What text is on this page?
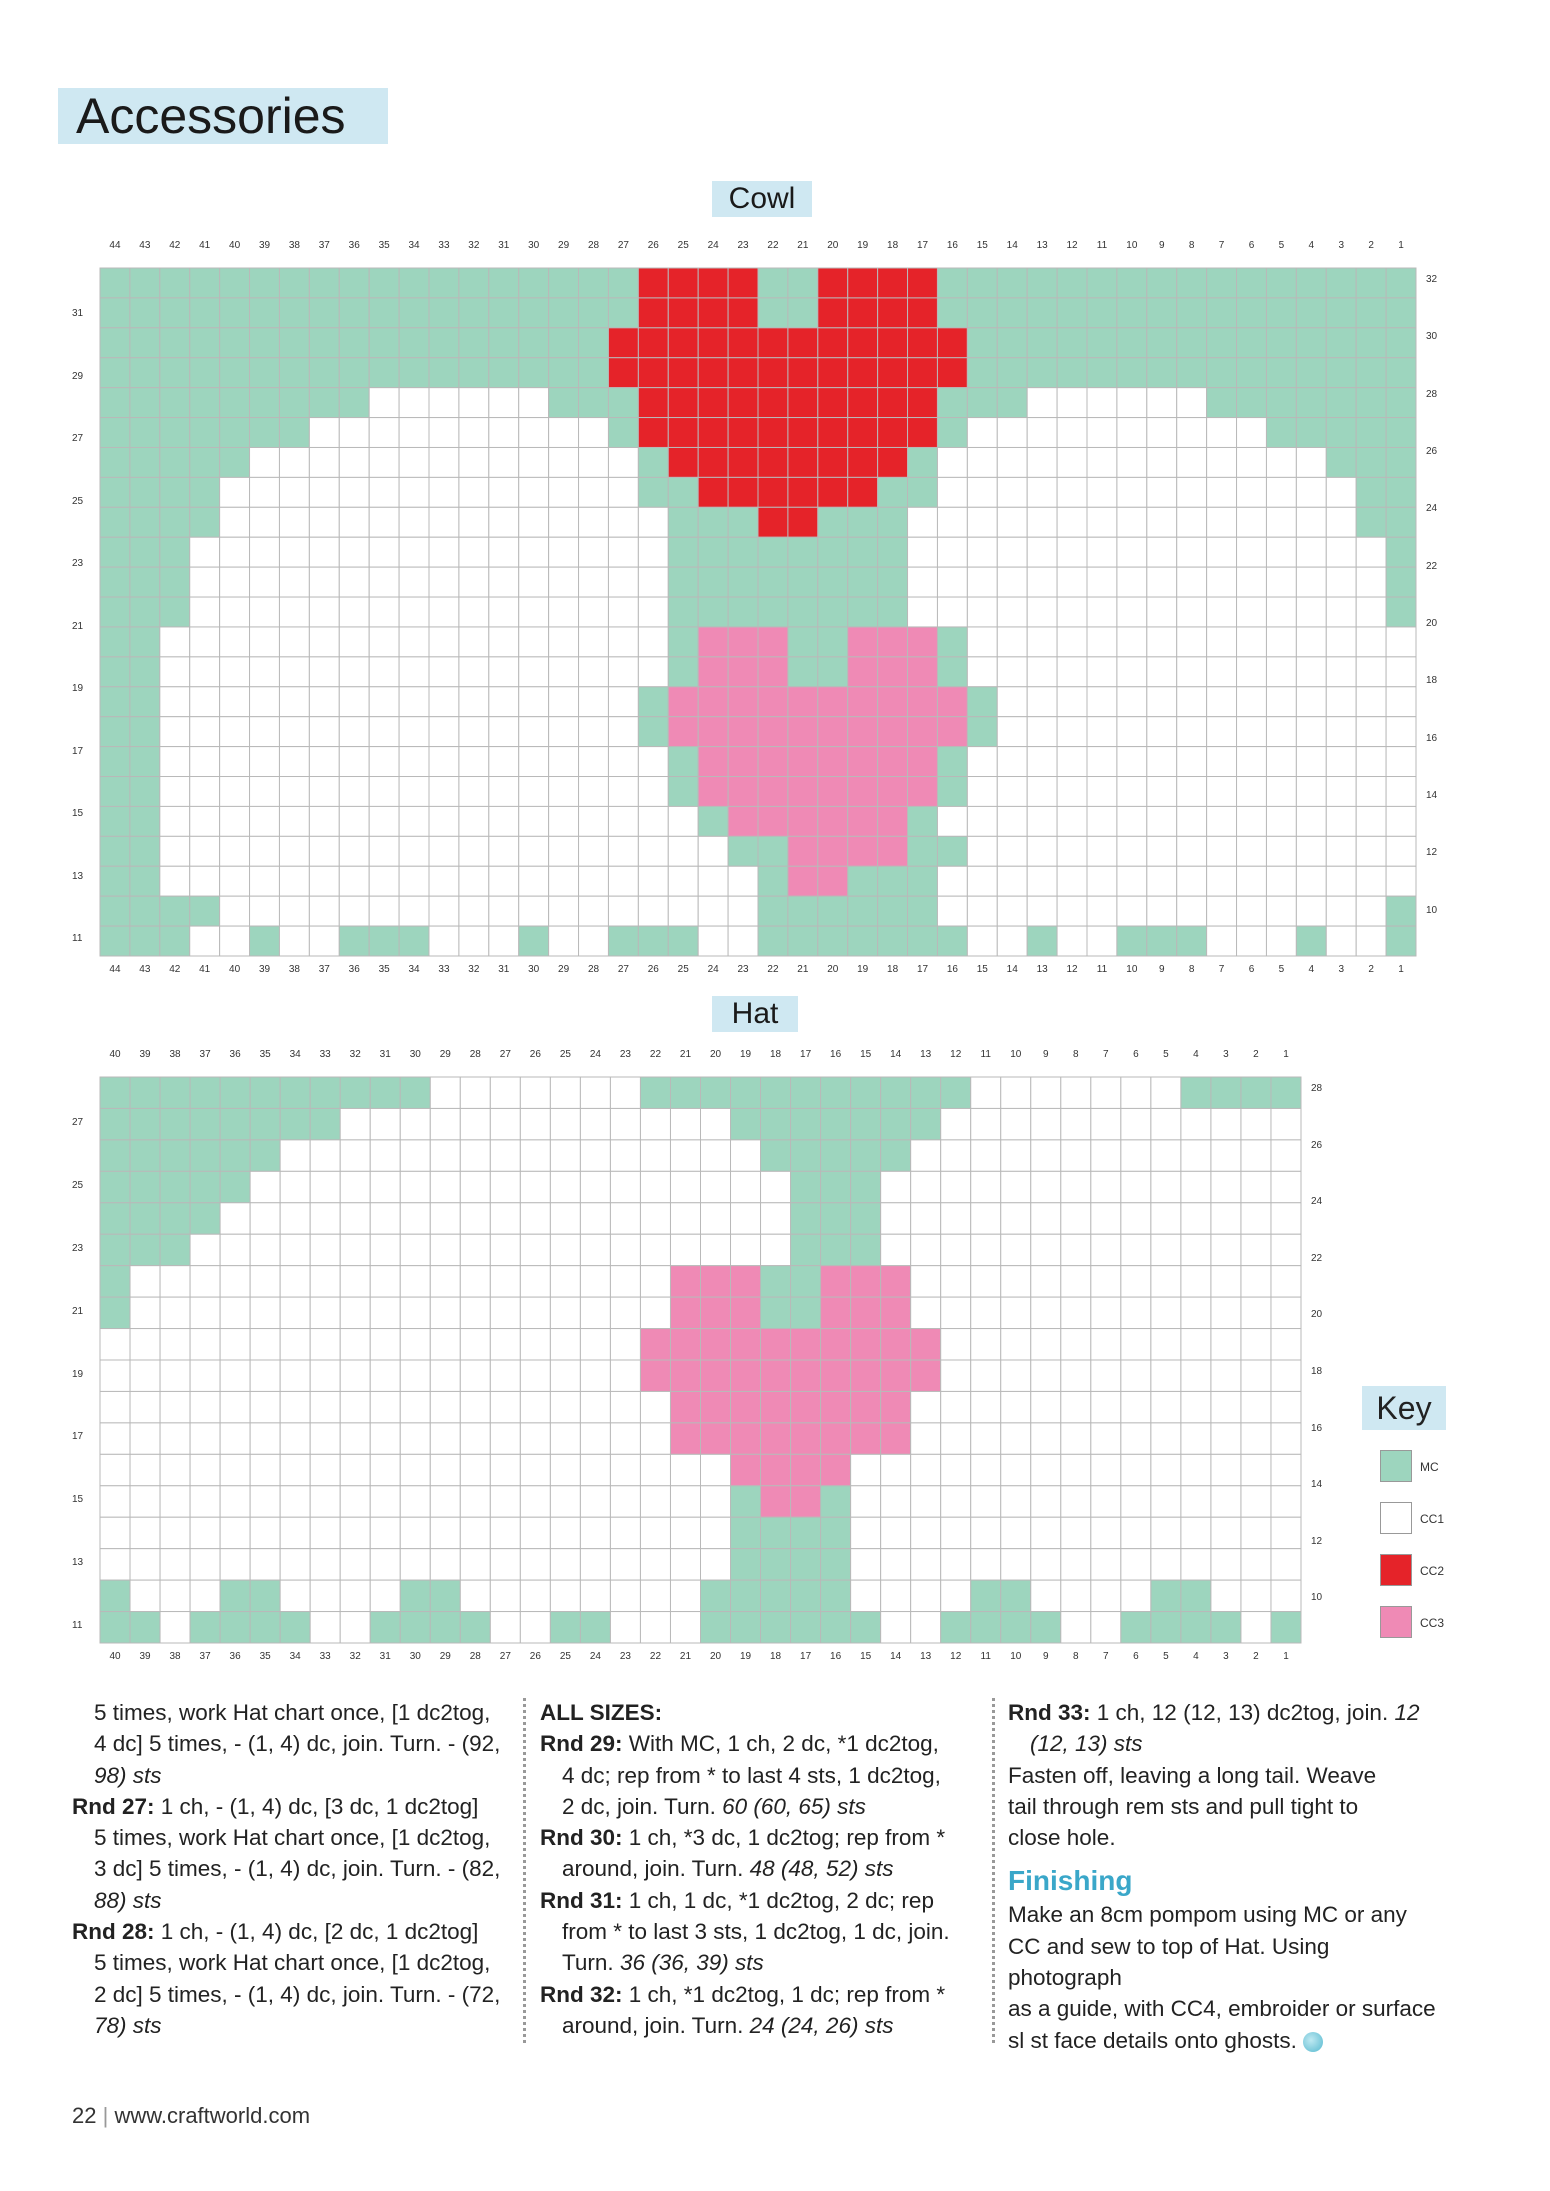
Accessories
Cowl
44
44
43
43
42
42
41
41
40
40
39
39
38
38
37
37
36
36
35
35
34
34
33
33
32
32
31
31
30
30
29
29
28
28
27
27
26
26
25
25
24
24
23
23
22
22
21
21
20
20
19
19
18
18
17
17
16
16
15
15
14
14
13
13
12
12
11
11
10
10
9
9
8
8
7
7
6
6
5
5
4
4
3
3
2
2
1
1
31
29
27
25
23
21
19
17
15
13
11
32
30
28
26
24
22
20
18
16
14
12
10
Hat
40
40
39
39
38
38
37
37
36
36
35
35
34
34
33
33
32
32
31
31
30
30
29
29
28
28
27
27
26
26
25
25
24
24
23
23
22
22
21
21
20
20
19
19
18
18
17
17
16
16
15
15
14
14
13
13
12
12
11
11
10
10
9
9
8
8
7
7
6
6
5
5
4
4
3
3
2
2
1
1
27
25
23
21
19
17
15
13
11
28
26
24
22
20
18
16
14
12
10
Key
MC
CC1
CC2
CC3

5 times, work Hat chart once, [1 dc2tog,

4 dc] 5 times, - (1, 4) dc, join. Turn. - (92,

98) sts

Rnd 27: 1 ch, - (1, 4) dc, [3 dc, 1 dc2tog]

5 times, work Hat chart once, [1 dc2tog,

3 dc] 5 times, - (1, 4) dc, join. Turn. - (82,

88) sts

Rnd 28: 1 ch, - (1, 4) dc, [2 dc, 1 dc2tog]

5 times, work Hat chart once, [1 dc2tog,

2 dc] 5 times, - (1, 4) dc, join. Turn. - (72,

78) sts

ALL SIZES:

Rnd 29: With MC, 1 ch, 2 dc, *1 dc2tog,

4 dc; rep from * to last 4 sts, 1 dc2tog,

2 dc, join. Turn. 60 (60, 65) sts

Rnd 30: 1 ch, *3 dc, 1 dc2tog; rep from *

around, join. Turn. 48 (48, 52) sts

Rnd 31: 1 ch, 1 dc, *1 dc2tog, 2 dc; rep

from * to last 3 sts, 1 dc2tog, 1 dc, join.

Turn. 36 (36, 39) sts

Rnd 32: 1 ch, *1 dc2tog, 1 dc; rep from *

around, join. Turn. 24 (24, 26) sts

Rnd 33: 1 ch, 12 (12, 13) dc2tog, join. 12

(12, 13) sts

Fasten off, leaving a long tail. Weave

tail through rem sts and pull tight to

close hole.

Finishing

Make an 8cm pompom using MC or any

CC and sew to top of Hat. Using photograph

as a guide, with CC4, embroider or surface

sl st face details onto ghosts.

22 | www.craftworld.com
